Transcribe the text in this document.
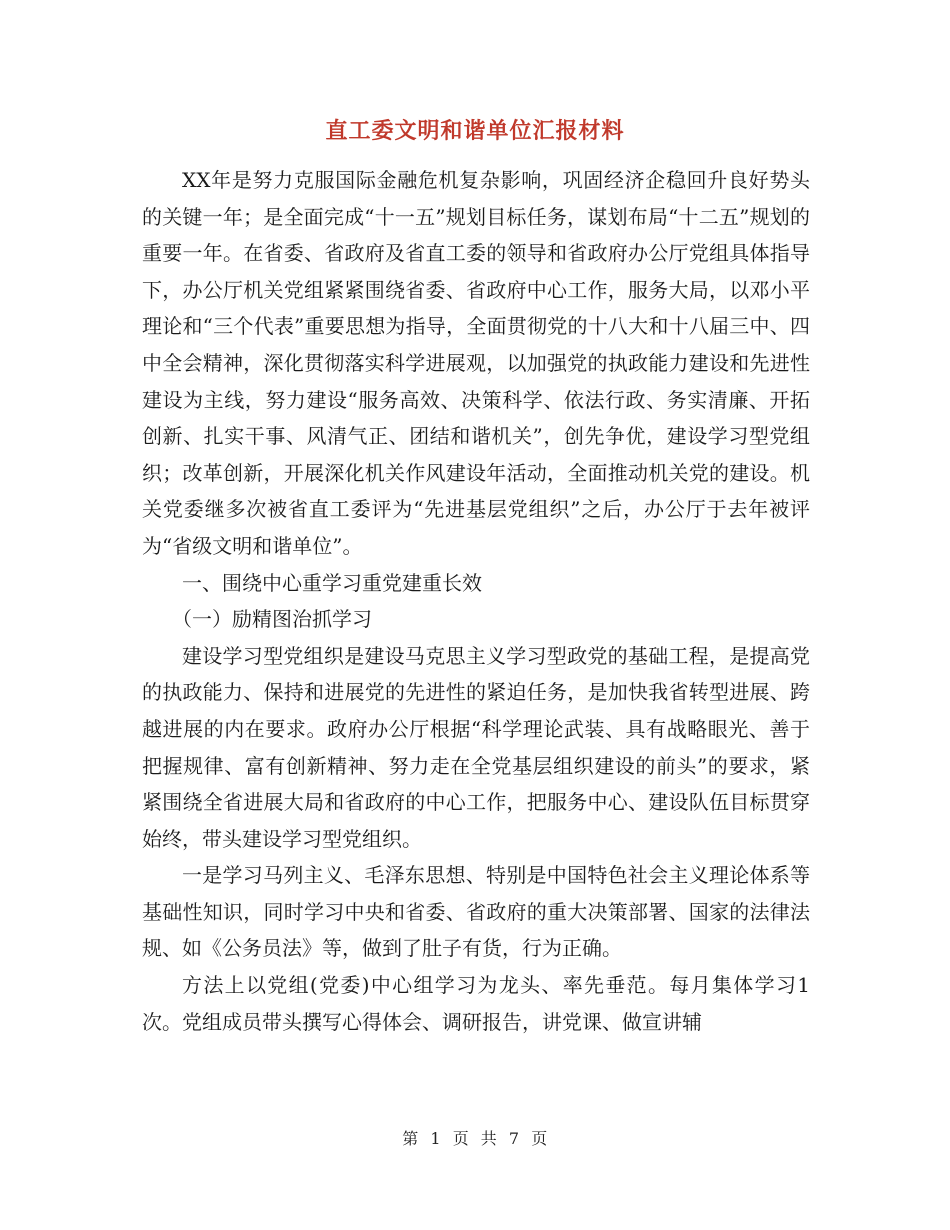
直工委文明和谐单位汇报材料

XX年是努力克服国际金融危机复杂影响，巩固经济企稳回升良好势头的关键一年；是全面完成“十一五”规划目标任务，谋划布局“十二五”规划的重要一年。在省委、省政府及省直工委的领导和省政府办公厅党组具体指导下，办公厅机关党组紧紧围绕省委、省政府中心工作，服务大局，以邓小平理论和“三个代表”重要思想为指导，全面贯彻党的十八大和十八届三中、四中全会精神，深化贯彻落实科学进展观，以加强党的执政能力建设和先进性建设为主线，努力建设“服务高效、决策科学、依法行政、务实清廉、开拓创新、扎实干事、风清气正、团结和谐机关”，创先争优，建设学习型党组织；改革创新，开展深化机关作风建设年活动，全面推动机关党的建设。机关党委继多次被省直工委评为“先进基层党组织”之后，办公厅于去年被评为“省级文明和谐单位”。

一、围绕中心重学习重党建重长效

（一）励精图治抓学习

建设学习型党组织是建设马克思主义学习型政党的基础工程，是提高党的执政能力、保持和进展党的先进性的紧迫任务，是加快我省转型进展、跨越进展的内在要求。政府办公厅根据“科学理论武装、具有战略眼光、善于把握规律、富有创新精神、努力走在全党基层组织建设的前头”的要求，紧紧围绕全省进展大局和省政府的中心工作，把服务中心、建设队伍目标贯穿始终，带头建设学习型党组织。

一是学习马列主义、毛泽东思想、特别是中国特色社会主义理论体系等基础性知识，同时学习中央和省委、省政府的重大决策部署、国家的法律法规、如《公务员法》等，做到了肚子有货，行为正确。

方法上以党组(党委)中心组学习为龙头、率先垂范。每月集体学习1次。党组成员带头撰写心得体会、调研报告，讲党课、做宣讲辅

第 1 页 共 7 页
